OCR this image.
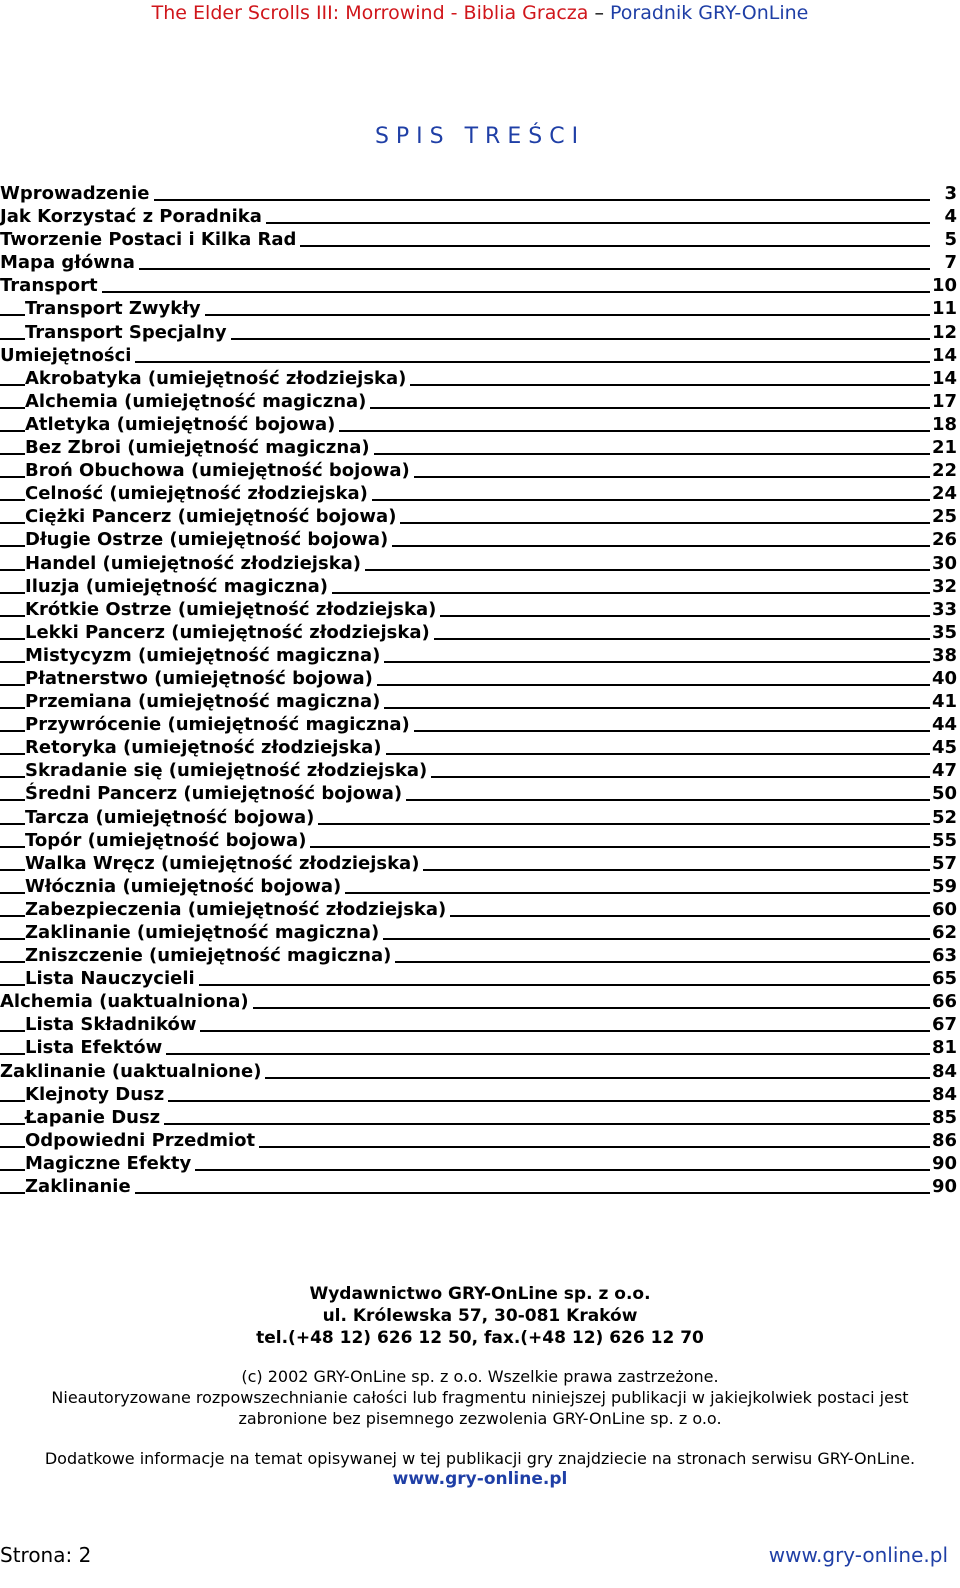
The Elder Scrolls III: Morrowind - Biblia Gracza – Poradnik GRY-OnLine
SPIS TREŚCI
Wprowadzenie	3
Jak Korzystać z Poradnika	4
Tworzenie Postaci i Kilka Rad	5
Mapa główna	7
Transport	10
Transport Zwykły	11
Transport Specjalny	12
Umiejętności	14
Akrobatyka (umiejętność złodziejska)	14
Alchemia (umiejętność magiczna)	17
Atletyka (umiejętność bojowa)	18
Bez Zbroi (umiejętność magiczna)	21
Broń Obuchowa (umiejętność bojowa)	22
Celność (umiejętność złodziejska)	24
Ciężki Pancerz (umiejętność bojowa)	25
Długie Ostrze (umiejętność bojowa)	26
Handel (umiejętność złodziejska)	30
Iluzja (umiejętność magiczna)	32
Krótkie Ostrze (umiejętność złodziejska)	33
Lekki Pancerz (umiejętność złodziejska)	35
Mistycyzm (umiejętność magiczna)	38
Płatnerstwo (umiejętność bojowa)	40
Przemiana (umiejętność magiczna)	41
Przywrócenie (umiejętność magiczna)	44
Retoryka (umiejętność złodziejska)	45
Skradanie się (umiejętność złodziejska)	47
Średni Pancerz (umiejętność bojowa)	50
Tarcza (umiejętność bojowa)	52
Topór (umiejętność bojowa)	55
Walka Wręcz (umiejętność złodziejska)	57
Włócznia (umiejętność bojowa)	59
Zabezpieczenia (umiejętność złodziejska)	60
Zaklinanie (umiejętność magiczna)	62
Zniszczenie (umiejętność magiczna)	63
Lista Nauczycieli	65
Alchemia (uaktualniona)	66
Lista Składników	67
Lista Efektów	81
Zaklinanie (uaktualnione)	84
Klejnoty Dusz	84
Łapanie Dusz	85
Odpowiedni Przedmiot	86
Magiczne Efekty	90
Zaklinanie	90
Wydawnictwo GRY-OnLine sp. z o.o.
ul. Królewska 57, 30-081 Kraków
tel.(+48 12) 626 12 50, fax.(+48 12) 626 12 70
(c) 2002 GRY-OnLine sp. z o.o. Wszelkie prawa zastrzeżone.
Nieautoryzowane rozpowszechnianie całości lub fragmentu niniejszej publikacji w jakiejkolwiek postaci jest
zabronione bez pisemnego zezwolenia GRY-OnLine sp. z o.o.
Dodatkowe informacje na temat opisywanej w tej publikacji gry znajdziecie na stronach serwisu GRY-OnLine.
www.gry-online.pl
Strona: 2	www.gry-online.pl
